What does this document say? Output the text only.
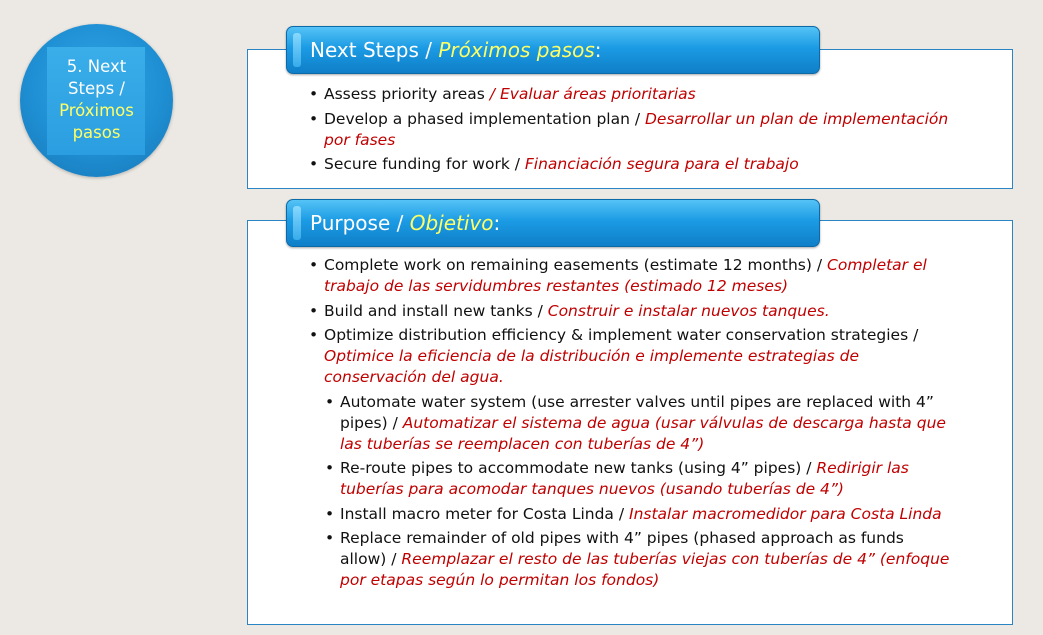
5. Next
Steps /
Próximos
pasos
Next Steps / Próximos pasos:
• Assess priority areas / Evaluar áreas prioritarias
• Develop a phased implementation plan / Desarrollar un plan de implementación por fases
• Secure funding for work / Financiación segura para el trabajo
Purpose / Objetivo:
• Complete work on remaining easements (estimate 12 months) / Completar el trabajo de las servidumbres restantes (estimado 12 meses)
• Build and install new tanks / Construir e instalar nuevos tanques.
• Optimize distribution efficiency & implement water conservation strategies / Optimice la eficiencia de la distribución e implemente estrategias de conservación del agua.
• Automate water system (use arrester valves until pipes are replaced with 4” pipes) / Automatizar el sistema de agua (usar válvulas de descarga hasta que las tuberías se reemplacen con tuberías de 4”)
• Re-route pipes to accommodate new tanks (using 4” pipes) / Redirigir las tuberías para acomodar tanques nuevos (usando tuberías de 4”)
• Install macro meter for Costa Linda / Instalar macromedidor para Costa Linda
• Replace remainder of old pipes with 4” pipes (phased approach as funds allow) / Reemplazar el resto de las tuberías viejas con tuberías de 4” (enfoque por etapas según lo permitan los fondos)
